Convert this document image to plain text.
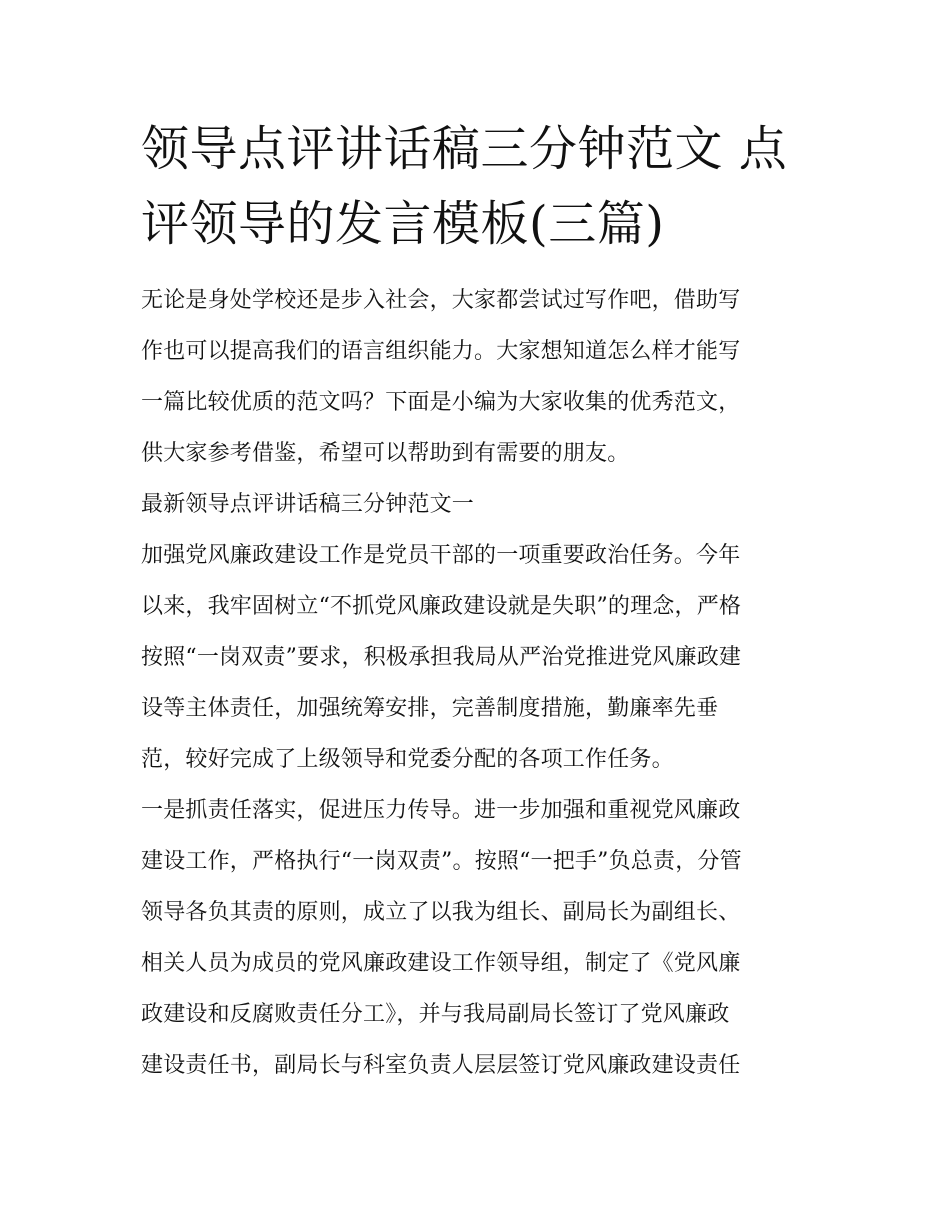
领导点评讲话稿三分钟范文 点
评领导的发言模板(三篇)
无论是身处学校还是步入社会，大家都尝试过写作吧，借助写
作也可以提高我们的语言组织能力。大家想知道怎么样才能写
一篇比较优质的范文吗？下面是小编为大家收集的优秀范文，
供大家参考借鉴，希望可以帮助到有需要的朋友。
最新领导点评讲话稿三分钟范文一
加强党风廉政建设工作是党员干部的一项重要政治任务。今年
以来，我牢固树立“不抓党风廉政建设就是失职”的理念，严格
按照“一岗双责”要求，积极承担我局从严治党推进党风廉政建
设等主体责任，加强统筹安排，完善制度措施，勤廉率先垂
范，较好完成了上级领导和党委分配的各项工作任务。
一是抓责任落实，促进压力传导。进一步加强和重视党风廉政
建设工作，严格执行“一岗双责”。按照“一把手”负总责，分管
领导各负其责的原则，成立了以我为组长、副局长为副组长、
相关人员为成员的党风廉政建设工作领导组，制定了《党风廉
政建设和反腐败责任分工》，并与我局副局长签订了党风廉政
建设责任书，副局长与科室负责人层层签订党风廉政建设责任
